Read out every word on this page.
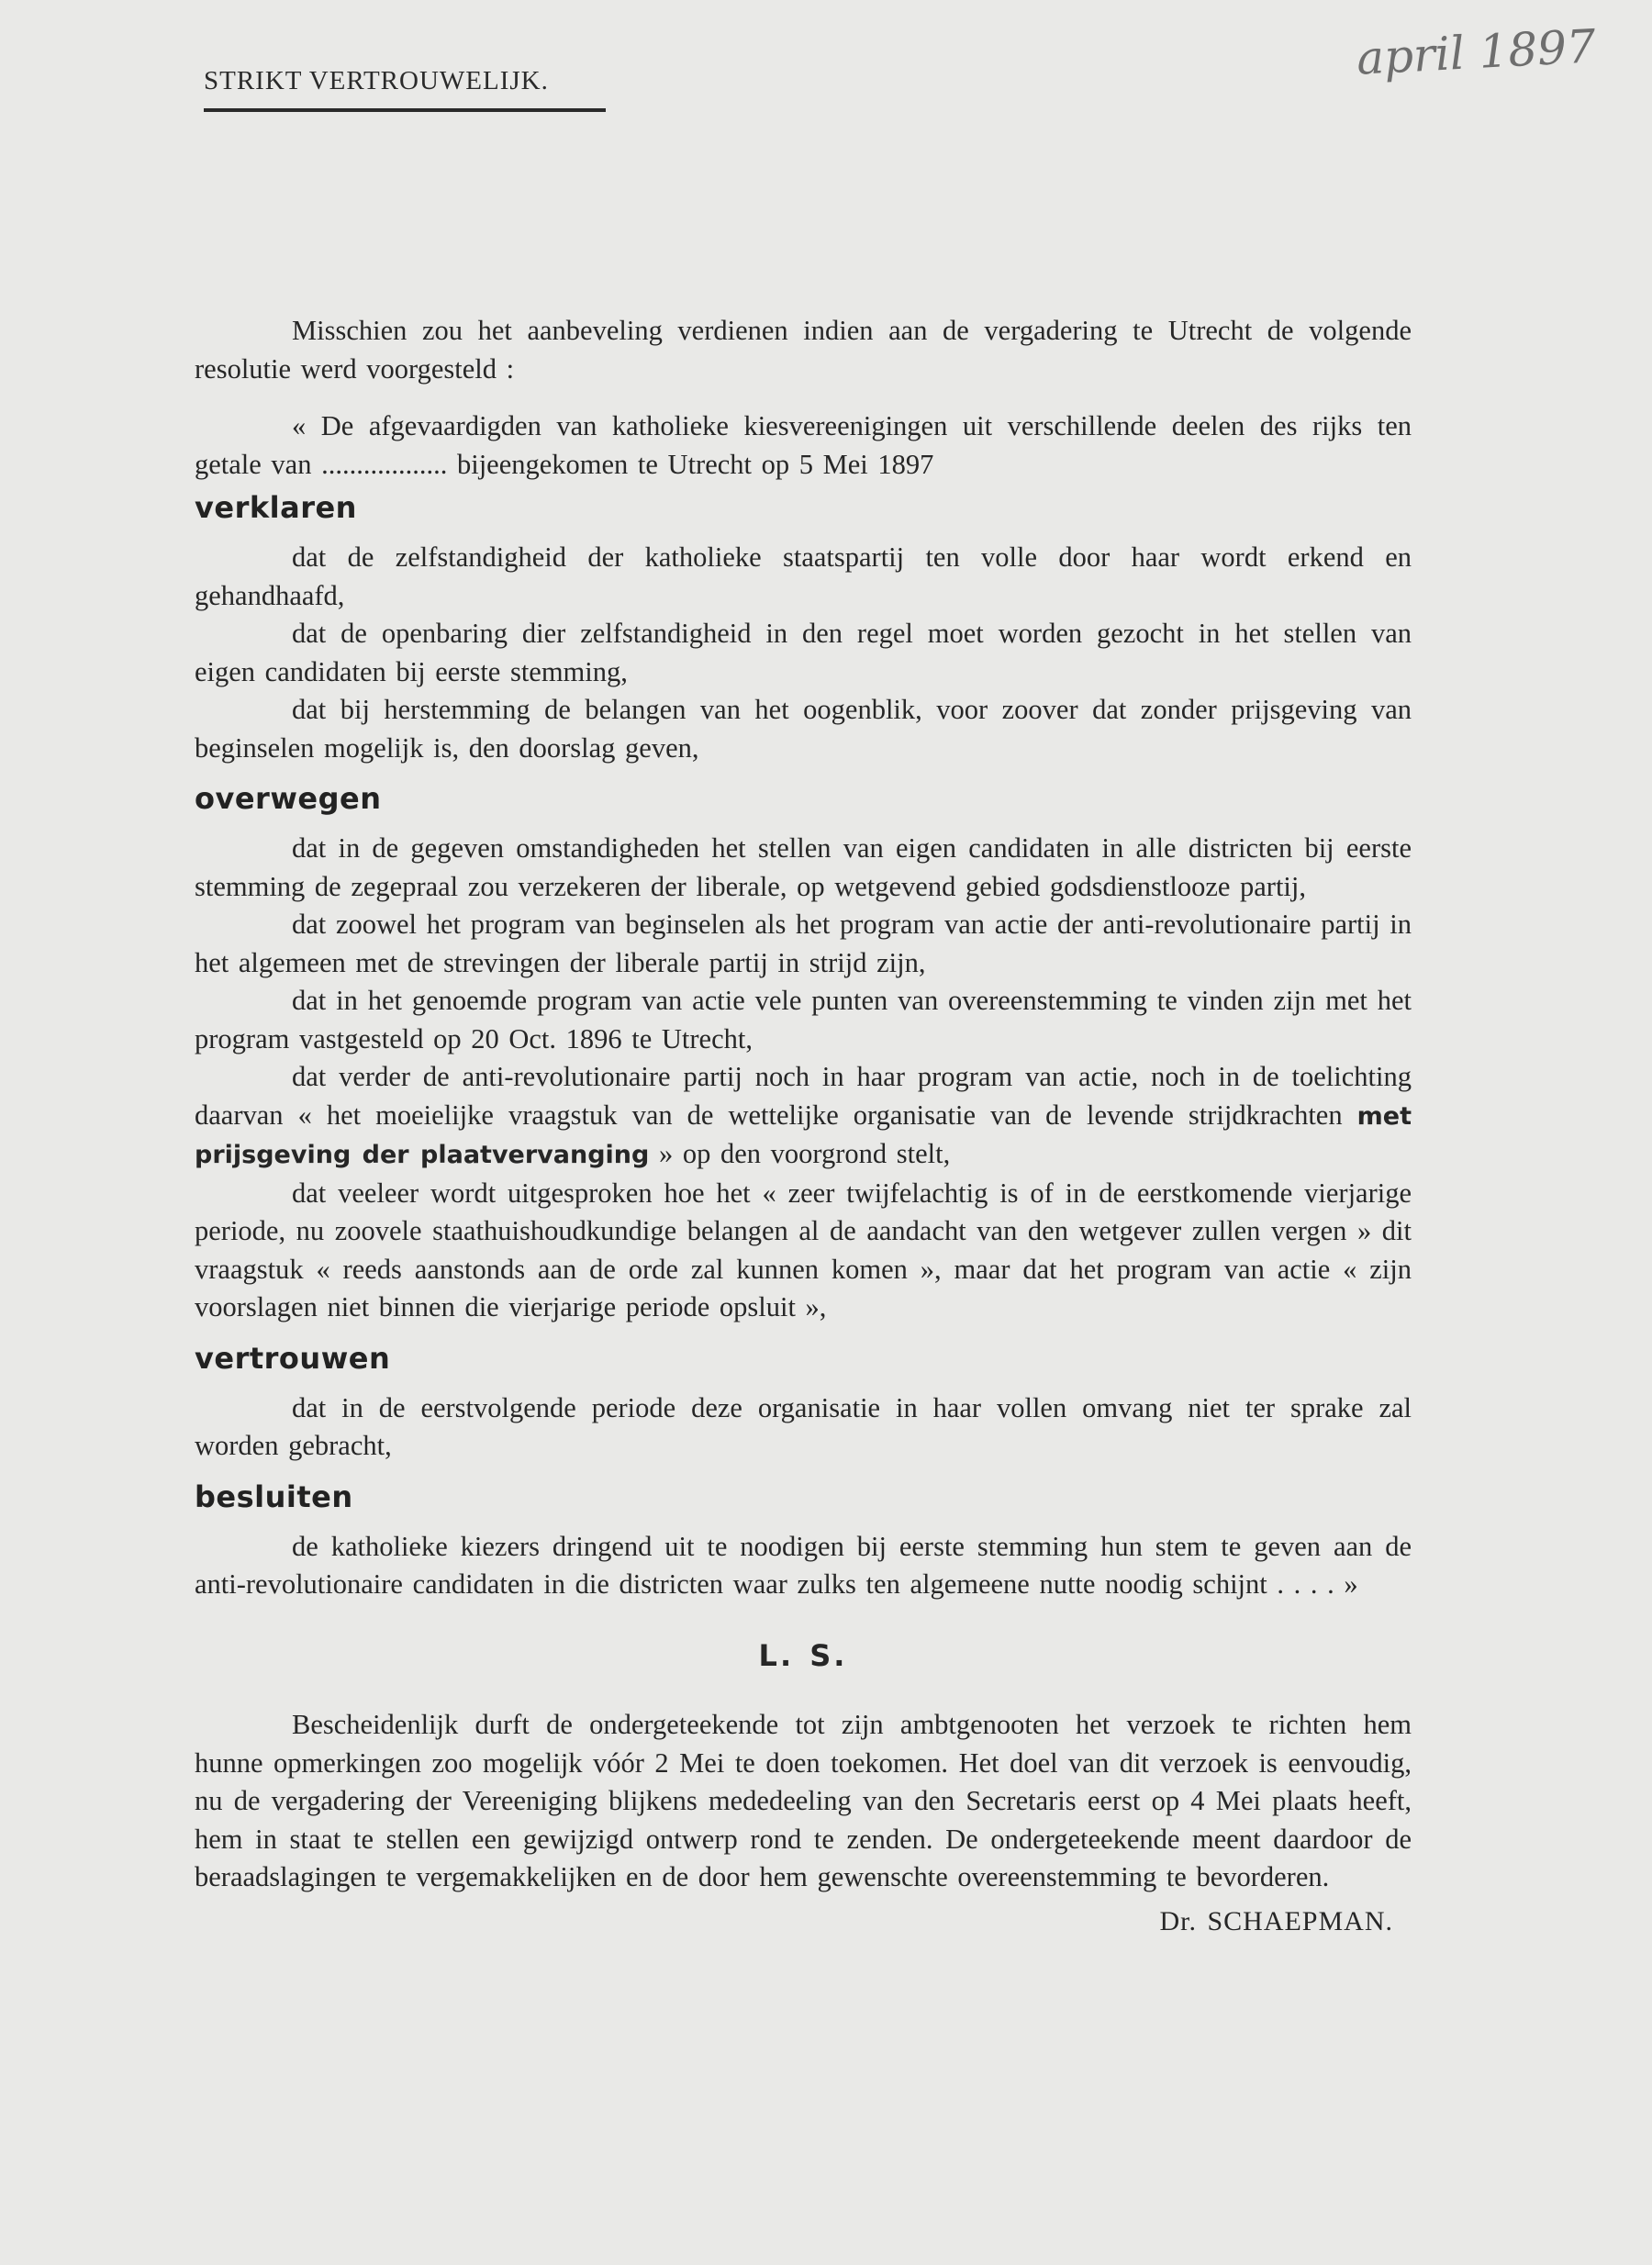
STRIKT VERTROUWELIJK.	april 1897

Misschien zou het aanbeveling verdienen indien aan de vergadering te Utrecht de volgende resolutie werd voorgesteld :

« De afgevaardigden van katholieke kiesvereenigingen uit verschillende deelen des rijks ten getale van .................. bijeengekomen te Utrecht op 5 Mei 1897

verklaren

dat de zelfstandigheid der katholieke staatspartij ten volle door haar wordt erkend en gehandhaafd,

dat de openbaring dier zelfstandigheid in den regel moet worden gezocht in het stellen van eigen candidaten bij eerste stemming,

dat bij herstemming de belangen van het oogenblik, voor zoover dat zonder prijsgeving van beginselen mogelijk is, den doorslag geven,

overwegen

dat in de gegeven omstandigheden het stellen van eigen candidaten in alle districten bij eerste stemming de zegepraal zou verzekeren der liberale, op wetgevend gebied godsdienstlooze partij,

dat zoowel het program van beginselen als het program van actie der anti-revolutionaire partij in het algemeen met de strevingen der liberale partij in strijd zijn,

dat in het genoemde program van actie vele punten van overeenstemming te vinden zijn met het program vastgesteld op 20 Oct. 1896 te Utrecht,

dat verder de anti-revolutionaire partij noch in haar program van actie, noch in de toelichting daarvan « het moeielijke vraagstuk van de wettelijke organisatie van de levende strijdkrachten met prijsgeving der plaatvervanging » op den voorgrond stelt,

dat veeleer wordt uitgesproken hoe het « zeer twijfelachtig is of in de eerstkomende vierjarige periode, nu zoovele staathuishoudkundige belangen al de aandacht van den wetgever zullen vergen » dit vraagstuk « reeds aanstonds aan de orde zal kunnen komen », maar dat het program van actie « zijn voorslagen niet binnen die vierjarige periode opsluit »,

vertrouwen

dat in de eerstvolgende periode deze organisatie in haar vollen omvang niet ter sprake zal worden gebracht,

besluiten

de katholieke kiezers dringend uit te noodigen bij eerste stemming hun stem te geven aan de anti-revolutionaire candidaten in die districten waar zulks ten algemeene nutte noodig schijnt . . . . »

L. S.

Bescheidenlijk durft de ondergeteekende tot zijn ambtgenooten het verzoek te richten hem hunne opmerkingen zoo mogelijk vóór 2 Mei te doen toekomen. Het doel van dit verzoek is eenvoudig, nu de vergadering der Vereeniging blijkens mededeeling van den Secretaris eerst op 4 Mei plaats heeft, hem in staat te stellen een gewijzigd ontwerp rond te zenden. De ondergeteekende meent daardoor de beraadslagingen te vergemakkelijken en de door hem gewenschte overeenstemming te bevorderen.

Dr. SCHAEPMAN.
